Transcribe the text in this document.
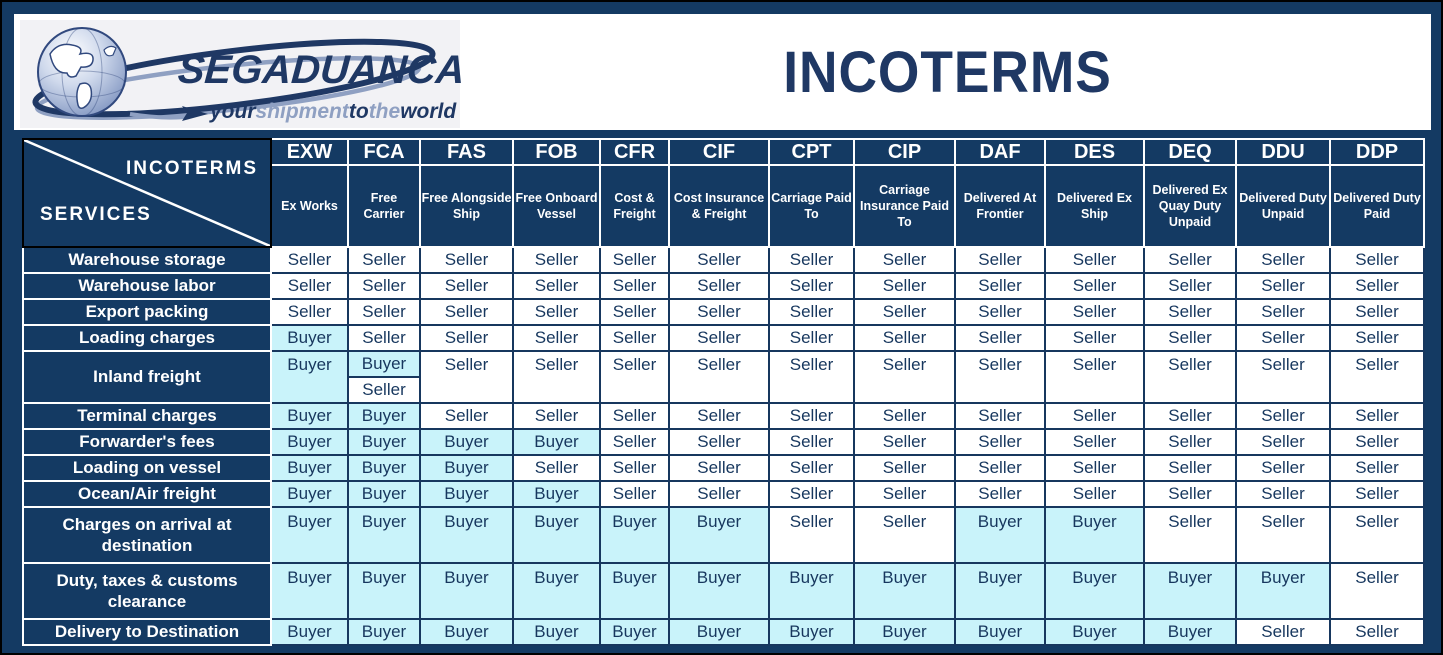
SEGADUANCA
yourshipmenttotheworld
INCOTERMS
INCOTERMS
SERVICES	EXW	FCA	FAS	FOB	CFR	CIF	CPT	CIP	DAF	DES	DEQ	DDU	DDP
	Ex Works	Free Carrier	Free Alongside Ship	Free Onboard Vessel	Cost & Freight	Cost Insurance & Freight	Carriage Paid To	Carriage Insurance Paid To	Delivered At Frontier	Delivered Ex Ship	Delivered Ex Quay Duty Unpaid	Delivered Duty Unpaid	Delivered Duty Paid
Warehouse storage	Seller	Seller	Seller	Seller	Seller	Seller	Seller	Seller	Seller	Seller	Seller	Seller	Seller
Warehouse labor	Seller	Seller	Seller	Seller	Seller	Seller	Seller	Seller	Seller	Seller	Seller	Seller	Seller
Export packing	Seller	Seller	Seller	Seller	Seller	Seller	Seller	Seller	Seller	Seller	Seller	Seller	Seller
Loading charges	Buyer	Seller	Seller	Seller	Seller	Seller	Seller	Seller	Seller	Seller	Seller	Seller	Seller
Inland freight	Buyer	Buyer	Seller	Seller	Seller	Seller	Seller	Seller	Seller	Seller	Seller	Seller	Seller
		Seller											
Terminal charges	Buyer	Buyer	Seller	Seller	Seller	Seller	Seller	Seller	Seller	Seller	Seller	Seller	Seller
Forwarder's fees	Buyer	Buyer	Buyer	Buyer	Seller	Seller	Seller	Seller	Seller	Seller	Seller	Seller	Seller
Loading on vessel	Buyer	Buyer	Buyer	Seller	Seller	Seller	Seller	Seller	Seller	Seller	Seller	Seller	Seller
Ocean/Air freight	Buyer	Buyer	Buyer	Buyer	Seller	Seller	Seller	Seller	Seller	Seller	Seller	Seller	Seller
Charges on arrival at destination	Buyer	Buyer	Buyer	Buyer	Buyer	Buyer	Seller	Seller	Buyer	Buyer	Seller	Seller	Seller
Duty, taxes & customs clearance	Buyer	Buyer	Buyer	Buyer	Buyer	Buyer	Buyer	Buyer	Buyer	Buyer	Buyer	Buyer	Seller
Delivery to Destination	Buyer	Buyer	Buyer	Buyer	Buyer	Buyer	Buyer	Buyer	Buyer	Buyer	Buyer	Seller	Seller
